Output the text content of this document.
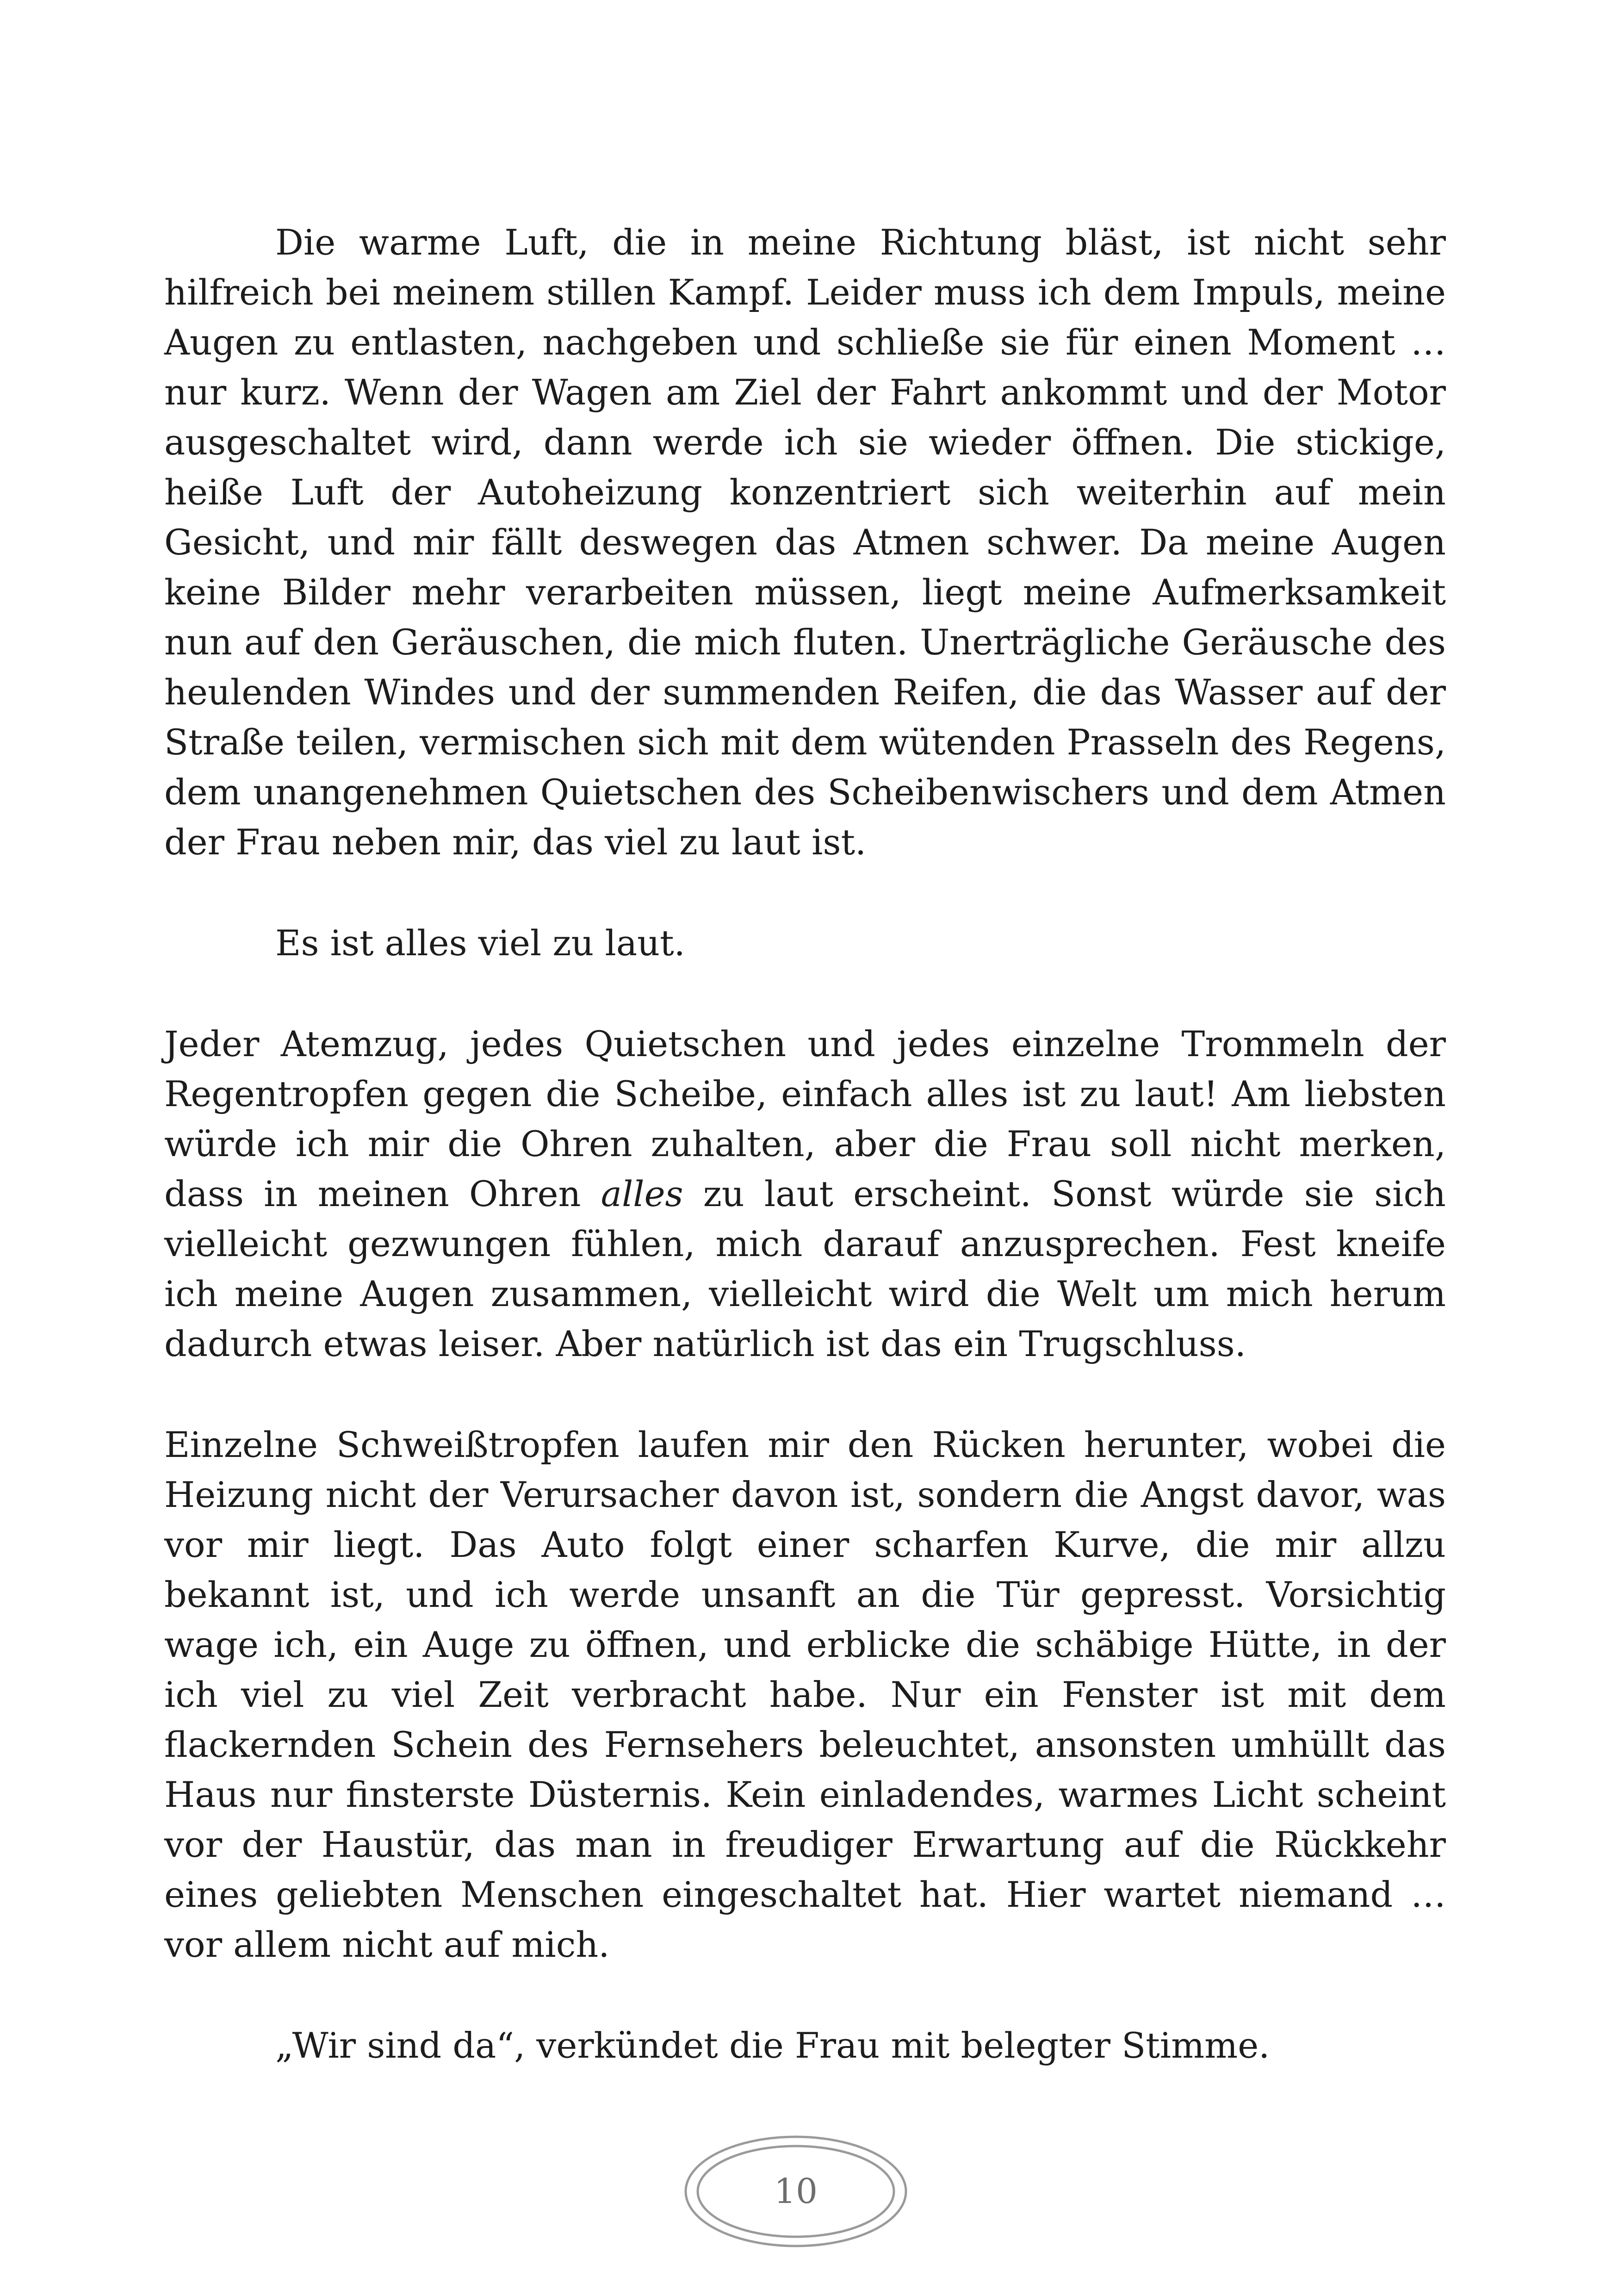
Die warme Luft, die in meine Richtung bläst, ist nicht sehr hilfreich bei meinem stillen Kampf. Leider muss ich dem Impuls, meine Augen zu entlasten, nachgeben und schließe sie für einen Moment … nur kurz. Wenn der Wagen am Ziel der Fahrt ankommt und der Motor ausgeschaltet wird, dann werde ich sie wieder öffnen. Die stickige, heiße Luft der Autoheizung konzentriert sich weiterhin auf mein Gesicht, und mir fällt deswegen das Atmen schwer. Da meine Augen keine Bilder mehr verarbeiten müssen, liegt meine Aufmerksamkeit nun auf den Geräuschen, die mich fluten. Unerträgliche Geräusche des heulenden Windes und der summenden Reifen, die das Wasser auf der Straße teilen, vermischen sich mit dem wütenden Prasseln des Regens, dem unangenehmen Quietschen des Scheibenwischers und dem Atmen der Frau neben mir, das viel zu laut ist.

Es ist alles viel zu laut.

Jeder Atemzug, jedes Quietschen und jedes einzelne Trommeln der Regentropfen gegen die Scheibe, einfach alles ist zu laut! Am liebsten würde ich mir die Ohren zuhalten, aber die Frau soll nicht merken, dass in meinen Ohren alles zu laut erscheint. Sonst würde sie sich vielleicht gezwungen fühlen, mich darauf anzusprechen. Fest kneife ich meine Augen zusammen, vielleicht wird die Welt um mich herum dadurch etwas leiser. Aber natürlich ist das ein Trugschluss.

Einzelne Schweißtropfen laufen mir den Rücken herunter, wobei die Heizung nicht der Verursacher davon ist, sondern die Angst davor, was vor mir liegt. Das Auto folgt einer scharfen Kurve, die mir allzu bekannt ist, und ich werde unsanft an die Tür gepresst. Vorsichtig wage ich, ein Auge zu öffnen, und erblicke die schäbige Hütte, in der ich viel zu viel Zeit verbracht habe. Nur ein Fenster ist mit dem flackernden Schein des Fernsehers beleuchtet, ansonsten umhüllt das Haus nur finsterste Düsternis. Kein einladendes, warmes Licht scheint vor der Haustür, das man in freudiger Erwartung auf die Rückkehr eines geliebten Menschen eingeschaltet hat. Hier wartet niemand … vor allem nicht auf mich.

„Wir sind da“, verkündet die Frau mit belegter Stimme.

10
